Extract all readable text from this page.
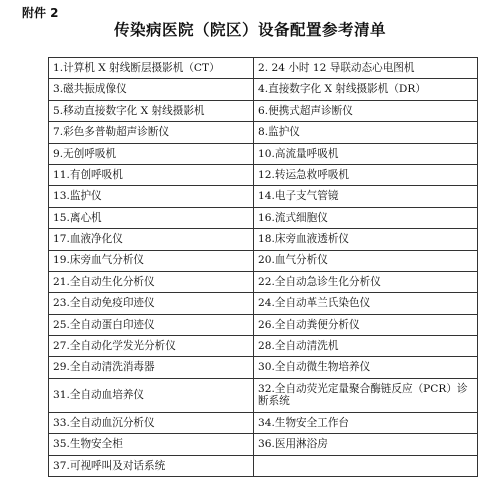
附件 2
传染病医院（院区）设备配置参考清单
1.计算机 X 射线断层摄影机（CT）	2. 24 小时 12 导联动态心电图机
3.磁共振成像仪	4.直接数字化 X 射线摄影机（DR）
5.移动直接数字化 X 射线摄影机	6.便携式超声诊断仪
7.彩色多普勒超声诊断仪	8.监护仪
9.无创呼吸机	10.高流量呼吸机
11.有创呼吸机	12.转运急救呼吸机
13.监护仪	14.电子支气管镜
15.离心机	16.流式细胞仪
17.血液净化仪	18.床旁血液透析仪
19.床旁血气分析仪	20.血气分析仪
21.全自动生化分析仪	22.全自动急诊生化分析仪
23.全自动免疫印迹仪	24.全自动革兰氏染色仪
25.全自动蛋白印迹仪	26.全自动粪便分析仪
27.全自动化学发光分析仪	28.全自动清洗机
29.全自动清洗消毒器	30.全自动微生物培养仪
31.全自动血培养仪	32.全自动荧光定量聚合酶链反应（PCR）诊断系统
33.全自动血沉分析仪	34.生物安全工作台
35.生物安全柜	36.医用淋浴房
37.可视呼叫及对话系统	
